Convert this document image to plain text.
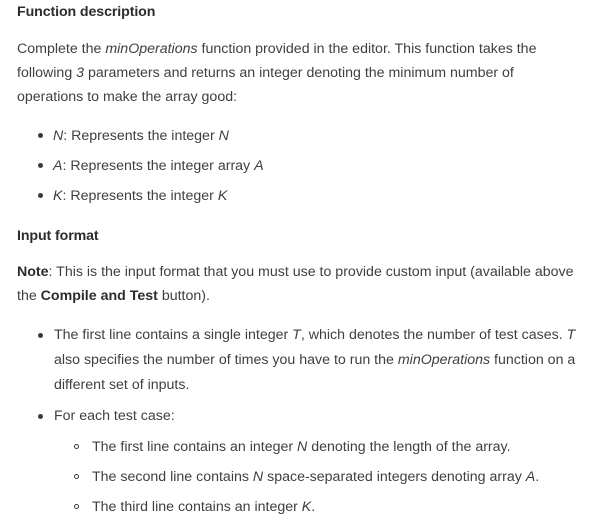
Function description
Complete the minOperations function provided in the editor. This function takes the following 3 parameters and returns an integer denoting the minimum number of operations to make the array good:
N: Represents the integer N
A: Represents the integer array A
K: Represents the integer K
Input format
Note: This is the input format that you must use to provide custom input (available above the Compile and Test button).
The first line contains a single integer T, which denotes the number of test cases. T also specifies the number of times you have to run the minOperations function on a different set of inputs.
For each test case:
The first line contains an integer N denoting the length of the array.
The second line contains N space-separated integers denoting array A.
The third line contains an integer K.
